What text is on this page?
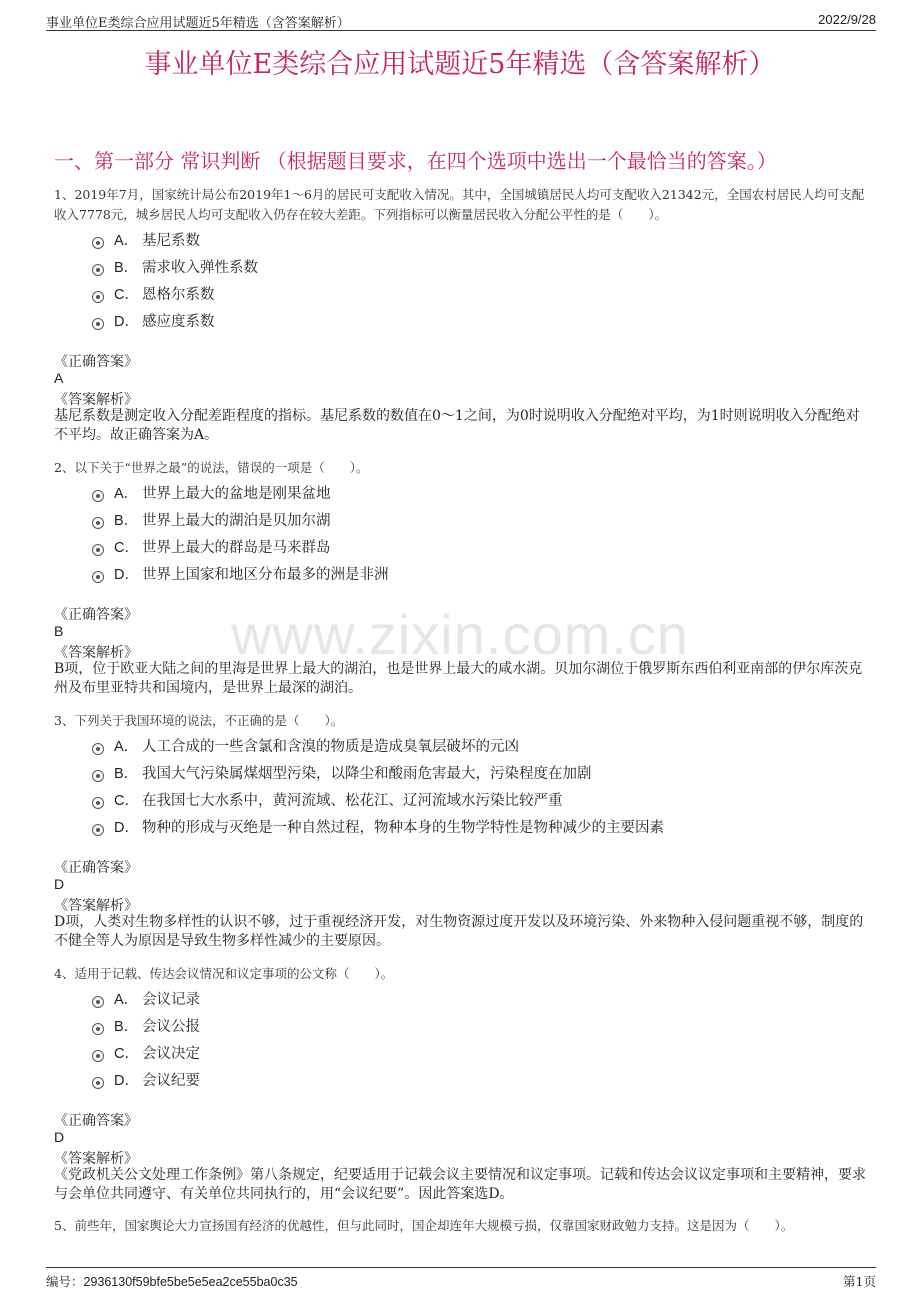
事业单位E类综合应用试题近5年精选（含答案解析）	2022/9/28
事业单位E类综合应用试题近5年精选（含答案解析）
一、第一部分 常识判断 （根据题目要求，在四个选项中选出一个最恰当的答案。）
www.zixin.com.cn
1、2019年7月，国家统计局公布2019年1～6月的居民可支配收入情况。其中，全国城镇居民人均可支配收入21342元，全国农村居民人均可支配收入7778元，城乡居民人均可支配收入仍存在较大差距。下列指标可以衡量居民收入分配公平性的是（　　）。
A． 基尼系数
B． 需求收入弹性系数
C． 恩格尔系数
D． 感应度系数
《正确答案》
A
《答案解析》
基尼系数是测定收入分配差距程度的指标。基尼系数的数值在0～1之间，为0时说明收入分配绝对平均，为1时则说明收入分配绝对不平均。故正确答案为A。
2、以下关于“世界之最”的说法，错误的一项是（　　）。
A． 世界上最大的盆地是刚果盆地
B． 世界上最大的湖泊是贝加尔湖
C． 世界上最大的群岛是马来群岛
D． 世界上国家和地区分布最多的洲是非洲
《正确答案》
B
《答案解析》
B项，位于欧亚大陆之间的里海是世界上最大的湖泊，也是世界上最大的咸水湖。贝加尔湖位于俄罗斯东西伯利亚南部的伊尔库茨克州及布里亚特共和国境内，是世界上最深的湖泊。
3、下列关于我国环境的说法，不正确的是（　　）。
A． 人工合成的一些含氯和含溴的物质是造成臭氧层破坏的元凶
B． 我国大气污染属煤烟型污染，以降尘和酸雨危害最大，污染程度在加剧
C． 在我国七大水系中，黄河流域、松花江、辽河流域水污染比较严重
D． 物种的形成与灭绝是一种自然过程，物种本身的生物学特性是物种减少的主要因素
《正确答案》
D
《答案解析》
D项，人类对生物多样性的认识不够，过于重视经济开发，对生物资源过度开发以及环境污染、外来物种入侵问题重视不够，制度的不健全等人为原因是导致生物多样性减少的主要原因。
4、适用于记载、传达会议情况和议定事项的公文称（　　）。
A． 会议记录
B． 会议公报
C． 会议决定
D． 会议纪要
《正确答案》
D
《答案解析》
《党政机关公文处理工作条例》第八条规定，纪要适用于记载会议主要情况和议定事项。记载和传达会议议定事项和主要精神，要求与会单位共同遵守、有关单位共同执行的，用“会议纪要”。因此答案选D。
5、前些年，国家舆论大力宣扬国有经济的优越性，但与此同时，国企却连年大规模亏损，仅靠国家财政勉力支持。这是因为（　　）。
编号：2936130f59bfe5be5e5ea2ce55ba0c35	第1页
